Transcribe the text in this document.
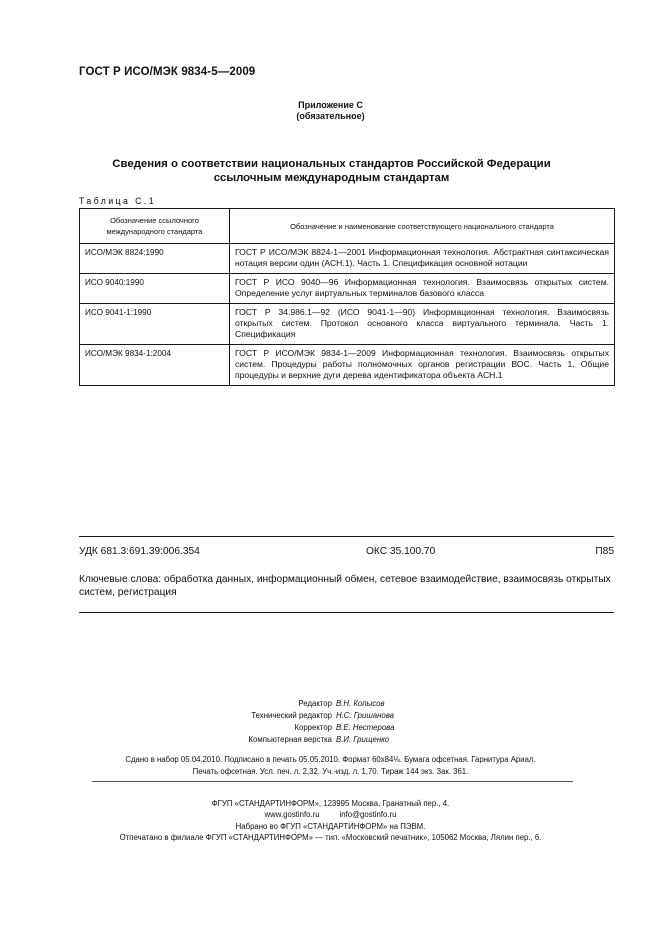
ГОСТ Р ИСО/МЭК 9834-5—2009
Приложение С
(обязательное)
Сведения о соответствии национальных стандартов Российской Федерации ссылочным международным стандартам
Таблица С.1
Обозначение ссылочного международного стандарта	Обозначение и наименование соответствующего национального стандарта
ИСО/МЭК 8824:1990	ГОСТ Р ИСО/МЭК 8824-1—2001 Информационная технология. Абстрактная синтаксическая нотация версии один (АСН.1). Часть 1. Спецификация основной нотации
ИСО 9040:1990	ГОСТ Р ИСО 9040—96 Информационная технология. Взаимосвязь открытых систем. Определение услуг виртуальных терминалов базового класса
ИСО 9041-1:1990	ГОСТ Р 34.986.1—92 (ИСО 9041-1—90) Информационная технология. Взаимосвязь открытых систем. Протокол основного класса виртуального терминала. Часть 1. Спецификация
ИСО/МЭК 9834-1:2004	ГОСТ Р ИСО/МЭК 9834-1—2009 Информационная технология. Взаимосвязь открытых систем. Процедуры работы полномочных органов регистрации ВОС. Часть 1. Общие процедуры и верхние дуги дерева идентификатора объекта АСН.1
УДК 681.3:691.39:006.354	ОКС 35.100.70	П85
Ключевые слова: обработка данных, информационный обмен, сетевое взаимодействие, взаимосвязь открытых систем, регистрация
Редактор В.Н. Копысов
Технический редактор Н.С. Гришанова
Корректор В.Е. Нестерова
Компьютерная верстка В.И. Грищенко
Сдано в набор 05.04.2010. Подписано в печать 05.05.2010. Формат 60x84⅛. Бумага офсетная. Гарнитура Ариал.
Печать офсетная. Усл. печ. л. 2,32. Уч.-изд. л. 1,70. Тираж 144 экз. Зак. 361.
ФГУП «СТАНДАРТИНФОРМ», 123995 Москва, Гранатный пер., 4.
www.gostinfo.ru	info@gostinfo.ru
Набрано во ФГУП «СТАНДАРТИНФОРМ» на ПЭВМ.
Отпечатано в филиале ФГУП «СТАНДАРТИНФОРМ» — тип. «Московский печатник», 105062 Москва, Лялин пер., 6.
